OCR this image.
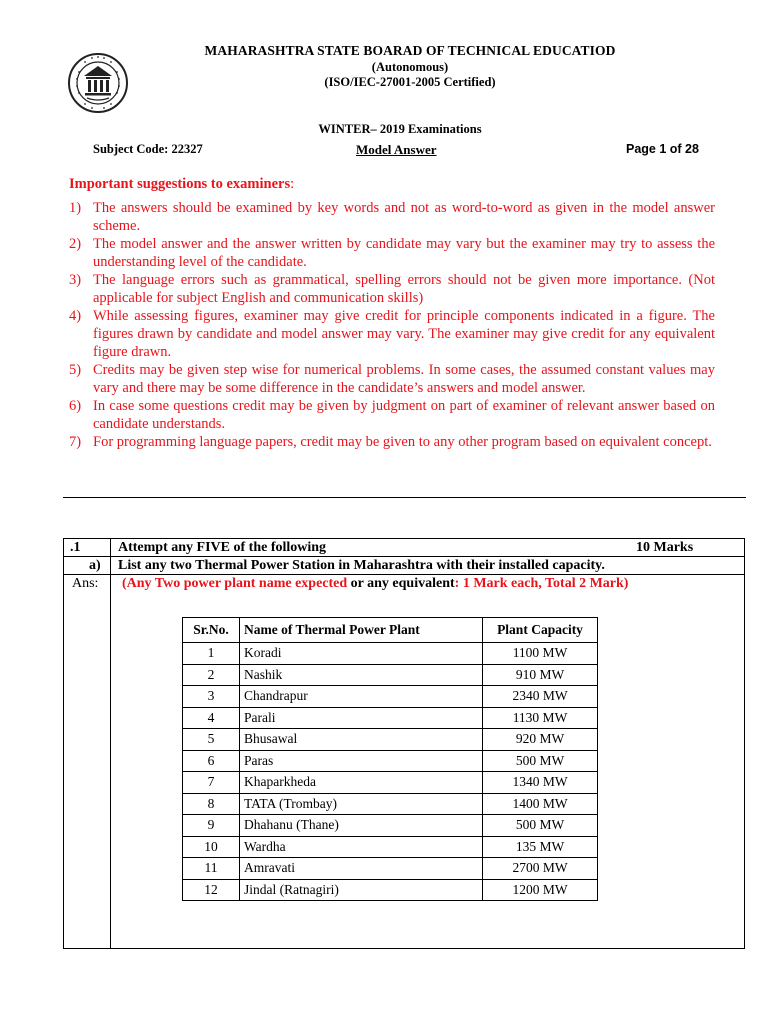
MAHARASHTRA STATE BOARAD OF TECHNICAL EDUCATIOD
(Autonomous)
(ISO/IEC-27001-2005 Certified)
WINTER– 2019 Examinations
Subject Code: 22327	Model Answer	Page 1 of 28
Important suggestions to examiners:
1) The answers should be examined by key words and not as word-to-word as given in the model answer scheme.
2) The model answer and the answer written by candidate may vary but the examiner may try to assess the understanding level of the candidate.
3) The language errors such as grammatical, spelling errors should not be given more importance. (Not applicable for subject English and communication skills)
4) While assessing figures, examiner may give credit for principle components indicated in a figure. The figures drawn by candidate and model answer may vary. The examiner may give credit for any equivalent figure drawn.
5) Credits may be given step wise for numerical problems. In some cases, the assumed constant values may vary and there may be some difference in the candidate’s answers and model answer.
6) In case some questions credit may be given by judgment on part of examiner of relevant answer based on candidate understands.
7) For programming language papers, credit may be given to any other program based on equivalent concept.
.1	Attempt any FIVE of the following	10 Marks
a) List any two Thermal Power Station in Maharashtra with their installed capacity.
Ans: (Any Two power plant name expected or any equivalent: 1 Mark each, Total 2 Mark)
Sr.No.	Name of Thermal Power Plant	Plant Capacity
1	Koradi	1100 MW
2	Nashik	910 MW
3	Chandrapur	2340 MW
4	Parali	1130 MW
5	Bhusawal	920 MW
6	Paras	500 MW
7	Khaparkheda	1340 MW
8	TATA (Trombay)	1400 MW
9	Dhahanu (Thane)	500 MW
10	Wardha	135 MW
11	Amravati	2700 MW
12	Jindal (Ratnagiri)	1200 MW
